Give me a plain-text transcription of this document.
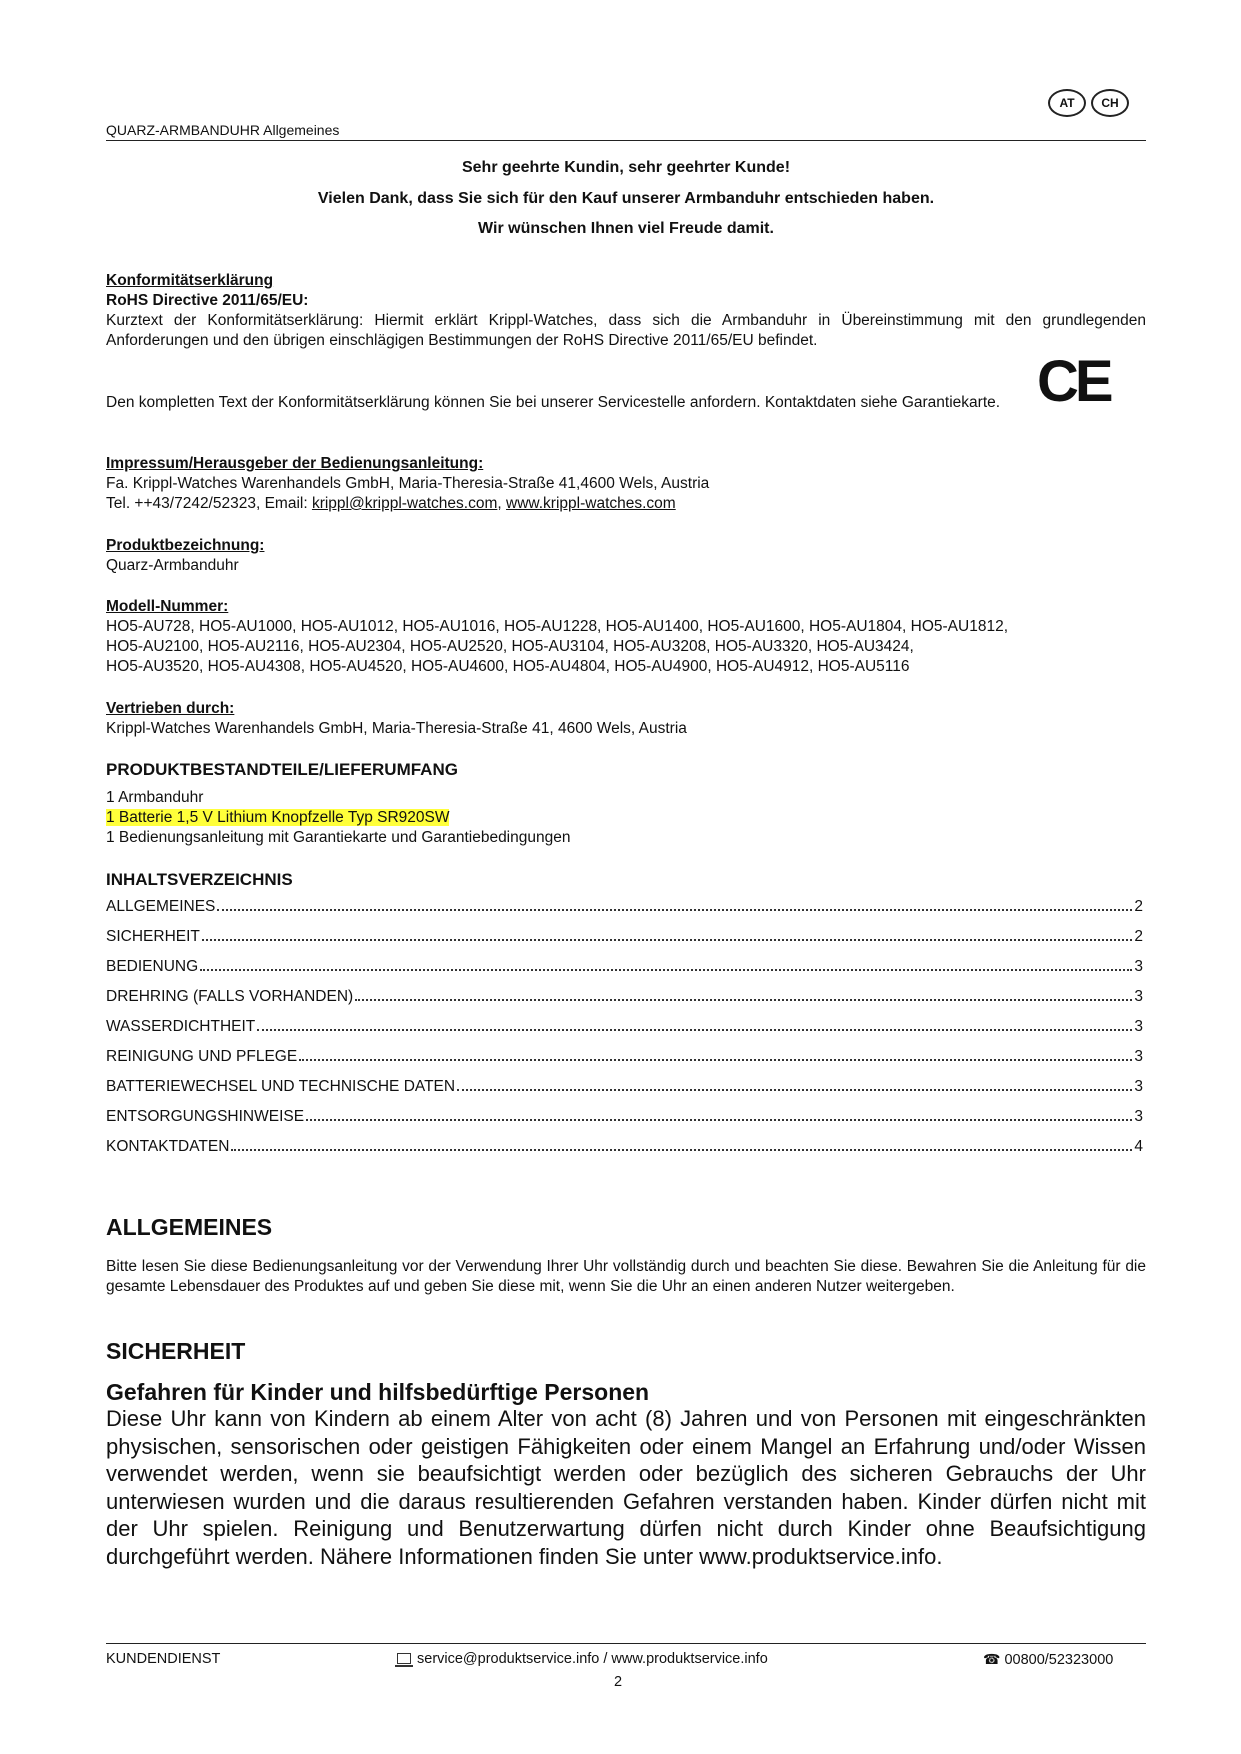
QUARZ-ARMBANDUHR Allgemeines
AT	CH
Sehr geehrte Kundin, sehr geehrter Kunde!
Vielen Dank, dass Sie sich für den Kauf unserer Armbanduhr entschieden haben.
Wir wünschen Ihnen viel Freude damit.
Konformitätserklärung
RoHS Directive 2011/65/EU:
Kurztext der Konformitätserklärung: Hiermit erklärt Krippl-Watches, dass sich die Armbanduhr in Übereinstimmung mit den grundlegenden Anforderungen und den übrigen einschlägigen Bestimmungen der RoHS Directive 2011/65/EU befindet.
Den kompletten Text der Konformitätserklärung können Sie bei unserer Servicestelle anfordern. Kontaktdaten siehe Garantiekarte. CE
Impressum/Herausgeber der Bedienungsanleitung:
Fa. Krippl-Watches Warenhandels GmbH, Maria-Theresia-Straße 41,4600 Wels, Austria
Tel. ++43/7242/52323, Email: krippl@krippl-watches.com, www.krippl-watches.com
Produktbezeichnung:
Quarz-Armbanduhr
Modell-Nummer:
HO5-AU728, HO5-AU1000, HO5-AU1012, HO5-AU1016, HO5-AU1228, HO5-AU1400, HO5-AU1600, HO5-AU1804, HO5-AU1812,
HO5-AU2100, HO5-AU2116, HO5-AU2304, HO5-AU2520, HO5-AU3104, HO5-AU3208, HO5-AU3320, HO5-AU3424,
HO5-AU3520, HO5-AU4308, HO5-AU4520, HO5-AU4600, HO5-AU4804, HO5-AU4900, HO5-AU4912, HO5-AU5116
Vertrieben durch:
Krippl-Watches Warenhandels GmbH, Maria-Theresia-Straße 41, 4600 Wels, Austria
PRODUKTBESTANDTEILE/LIEFERUMFANG
1 Armbanduhr
1 Batterie 1,5 V Lithium Knopfzelle Typ SR920SW
1 Bedienungsanleitung mit Garantiekarte und Garantiebedingungen
INHALTSVERZEICHNIS
ALLGEMEINES	2
SICHERHEIT	2
BEDIENUNG	3
DREHRING (FALLS VORHANDEN)	3
WASSERDICHTHEIT	3
REINIGUNG UND PFLEGE	3
BATTERIEWECHSEL UND TECHNISCHE DATEN	3
ENTSORGUNGSHINWEISE	3
KONTAKTDATEN	4
ALLGEMEINES
Bitte lesen Sie diese Bedienungsanleitung vor der Verwendung Ihrer Uhr vollständig durch und beachten Sie diese. Bewahren Sie die Anleitung für die gesamte Lebensdauer des Produktes auf und geben Sie diese mit, wenn Sie die Uhr an einen anderen Nutzer weitergeben.
SICHERHEIT
Gefahren für Kinder und hilfsbedürftige Personen
Diese Uhr kann von Kindern ab einem Alter von acht (8) Jahren und von Personen mit eingeschränkten physischen, sensorischen oder geistigen Fähigkeiten oder einem Mangel an Erfahrung und/oder Wissen verwendet werden, wenn sie beaufsichtigt werden oder bezüglich des sicheren Gebrauchs der Uhr unterwiesen wurden und die daraus resultierenden Gefahren verstanden haben. Kinder dürfen nicht mit der Uhr spielen. Reinigung und Benutzerwartung dürfen nicht durch Kinder ohne Beaufsichtigung durchgeführt werden. Nähere Informationen finden Sie unter www.produktservice.info.
KUNDENDIENST	service@produktservice.info / www.produktservice.info	☎ 00800/52323000
2
